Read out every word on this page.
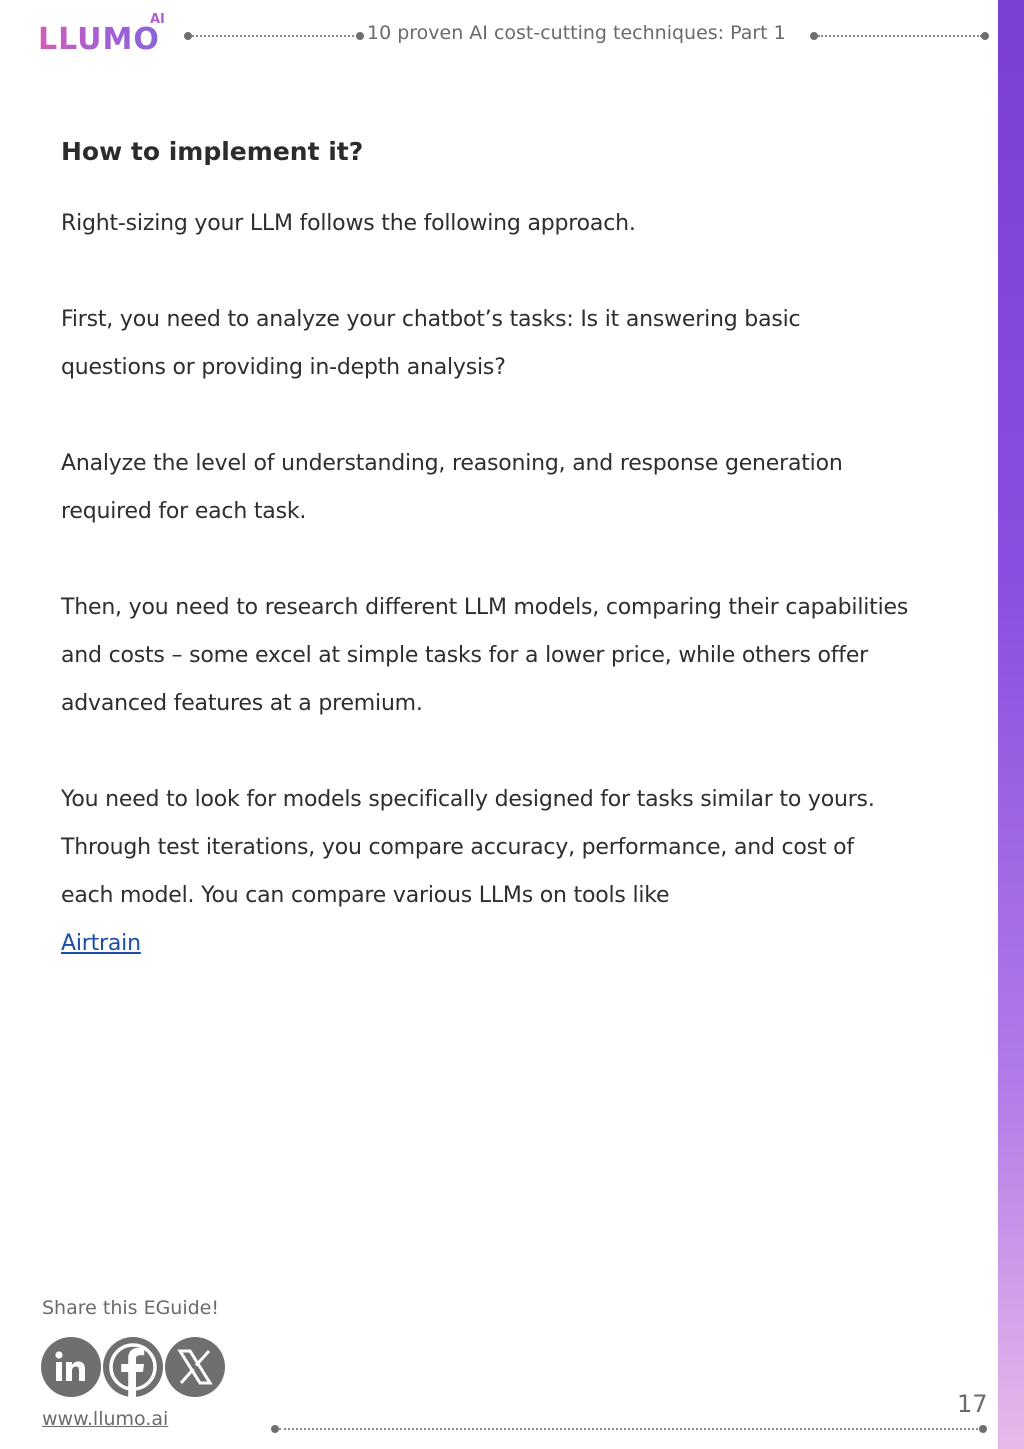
LLUMO
AI
10 proven AI cost-cutting techniques: Part 1
How to implement it?

Right-sizing your LLM follows the following approach.

First, you need to analyze your chatbot’s tasks: Is it answering basic questions or providing in-depth analysis?

Analyze the level of understanding, reasoning, and response generation required for each task.

Then, you need to research different LLM models, comparing their capabilities and costs – some excel at simple tasks for a lower price, while others offer advanced features at a premium.

You need to look for models specifically designed for tasks similar to yours. Through test iterations, you compare accuracy, performance, and cost of each model. You can compare various LLMs on tools like
Airtrain

Share this EGuide!
www.llumo.ai
17
